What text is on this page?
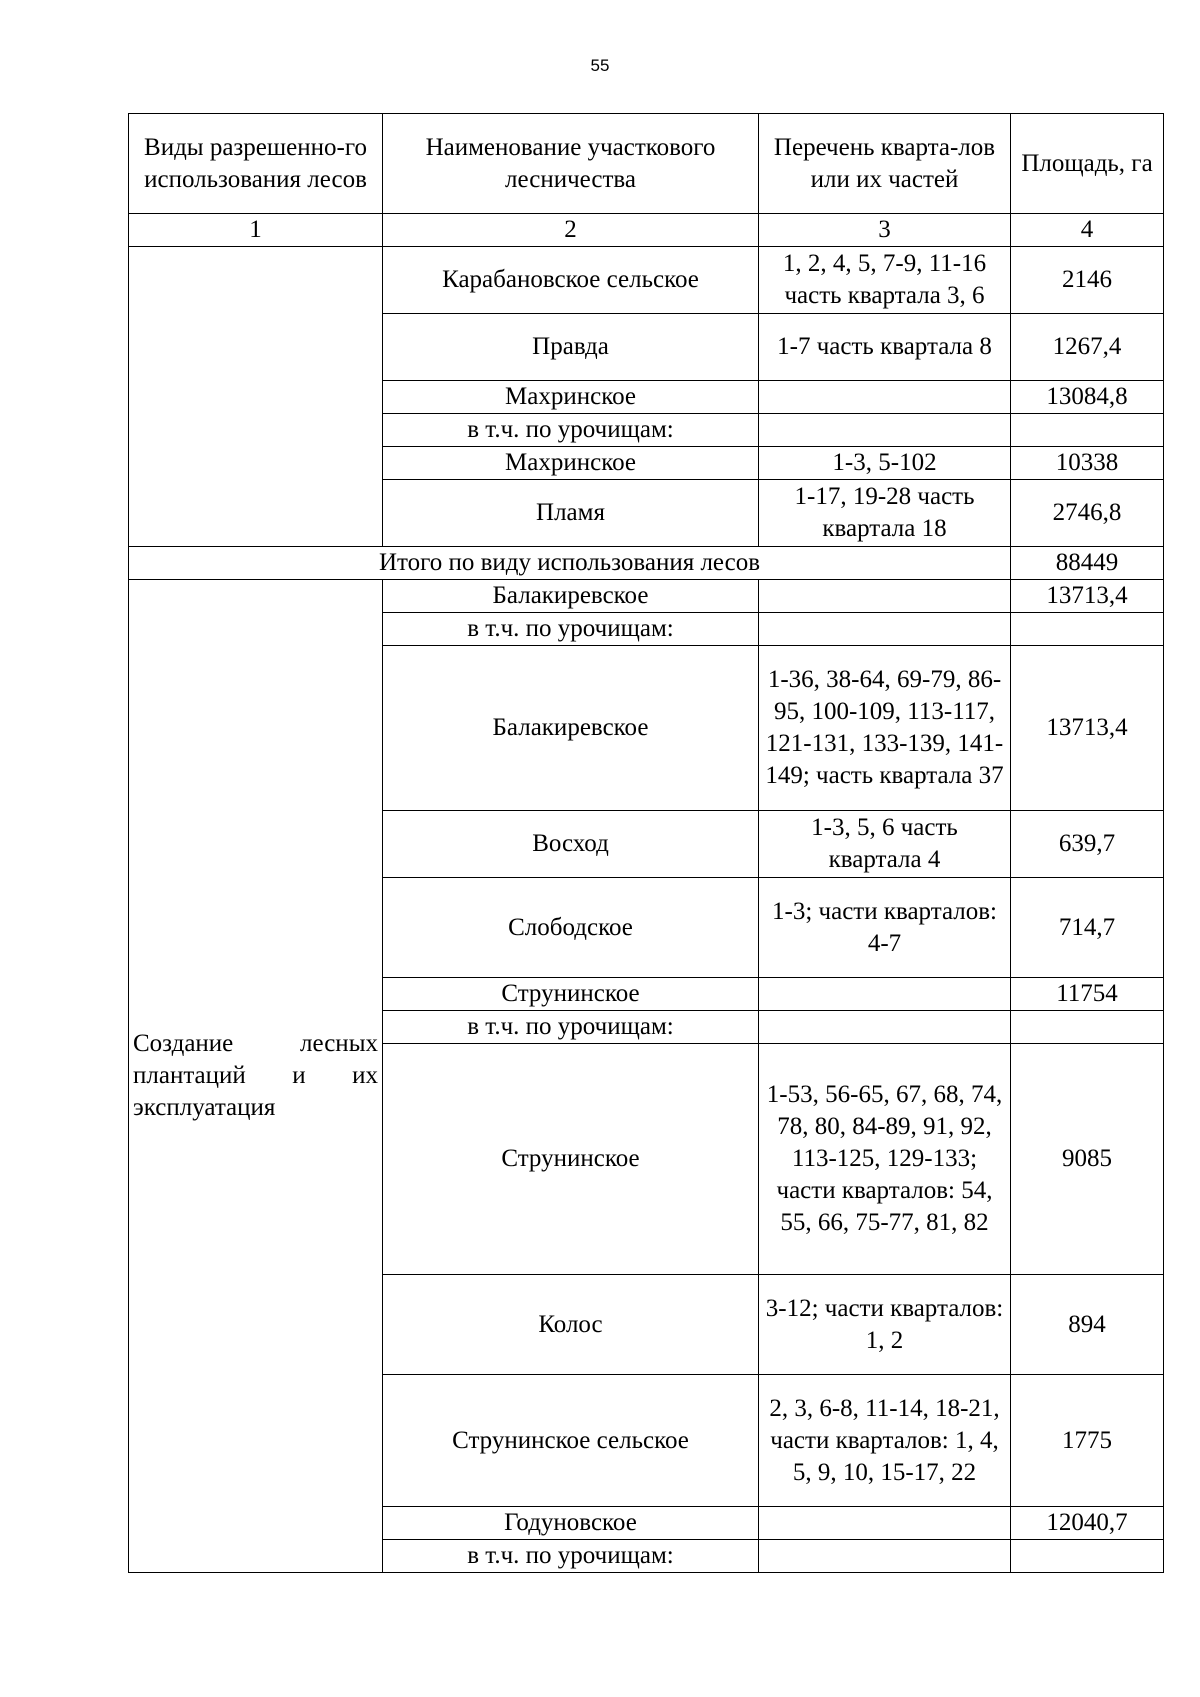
55
Виды разрешенно-го использования лесов	Наименование участкового лесничества	Перечень кварта-лов или их частей	Площадь, га
1	2	3	4
	Карабановское сельское	1, 2, 4, 5, 7-9, 11-16 часть квартала 3, 6	2146
	Правда	1-7 часть квартала 8	1267,4
	Махринское		13084,8
	в т.ч. по урочищам:		
	Махринское	1-3, 5-102	10338
	Пламя	1-17, 19-28 часть квартала 18	2746,8
Итого по виду использования лесов			88449

Создание лесных плантаций и их эксплуатация	Балакиревское		13713,4
	в т.ч. по урочищам:		
	Балакиревское	1-36, 38-64, 69-79, 86-95, 100-109, 113-117, 121-131, 133-139, 141-149; часть квартала 37	13713,4
	Восход	1-3, 5, 6 часть квартала 4	639,7
	Слободское	1-3; части кварталов: 4-7	714,7
	Струнинское		11754
	в т.ч. по урочищам:		
	Струнинское	1-53, 56-65, 67, 68, 74, 78, 80, 84-89, 91, 92, 113-125, 129-133; части кварталов: 54, 55, 66, 75-77, 81, 82	9085
	Колос	3-12; части кварталов: 1, 2	894
	Струнинское сельское	2, 3, 6-8, 11-14, 18-21, части кварталов: 1, 4, 5, 9, 10, 15-17, 22	1775
	Годуновское		12040,7
	в т.ч. по урочищам:		
